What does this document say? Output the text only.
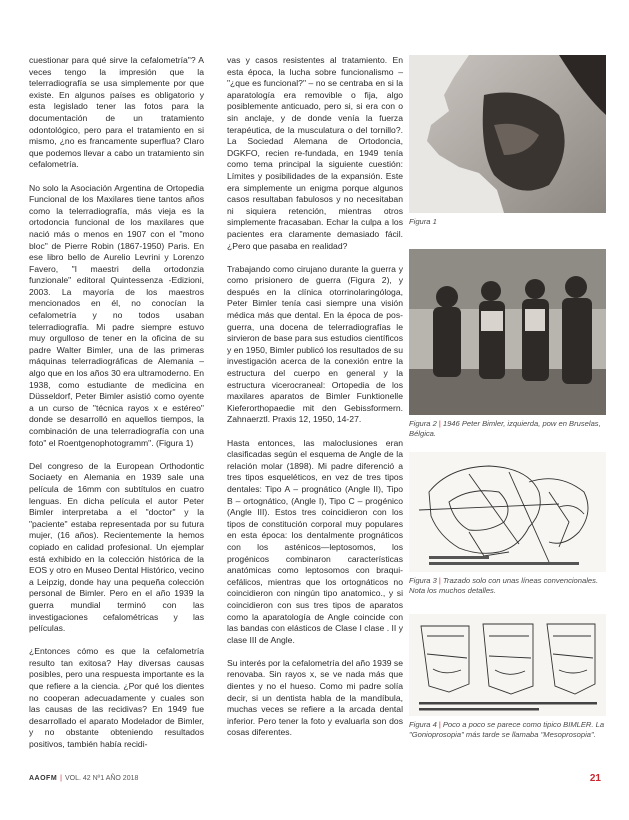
cuestionar para qué sirve la cefalometría"? A veces tengo la impresión que la telerradiografía se usa simplemente por que existe. En algunos países es obligatorio y esta legislado tener las fotos para la documentación de un tratamiento odontológico, pero para el tratamiento en si mismo, ¿no es francamente superflua? Claro que podemos llevar a cabo un tratamiento sin cefalometría.

No solo la Asociación Argentina de Ortopedia Funcional de los Maxilares tiene tantos años como la telerradiografía, más vieja es la ortodoncia funcional de los maxilares que nació más o menos en 1907 con el "mono bloc" de Pierre Robin (1867-1950) Paris. En ese libro bello de Aurelio Levrini y Lorenzo Favero, "I maestri della ortodonzia funzionale" editoral Quintessenza -Edizioni, 2003. La mayoría de los maestros mencionados en él, no conocían la cefalometría y no todos usaban telerradiografía. Mi padre siempre estuvo muy orgulloso de tener en la oficina de su padre Walter Bimler, una de las primeras máquinas telerradiográficas de Alemania – algo que en los años 30 era ultramoderno. En 1938, como estudiante de medicina en Düsseldorf, Peter Bimler asistió como oyente a un curso de "técnica rayos x e estéreo" donde se desarrolló en aquellos tiempos, la combinación de una telerradiografía con una foto" el Roentgenophotogramm". (Figura 1)

Del congreso de la European Orthodontic Sociaety en Alemania en 1939 sale una película de 16mm con subtítulos en cuatro lenguas. En dicha película el autor Peter Bimler interpretaba a el "doctor" y la "paciente" estaba representada por su futura mujer, (16 años). Recientemente la hemos copiado en calidad profesional. Un ejemplar está exhibido en la colección histórica de la EOS y otro en Museo Dental Histórico, vecino a Leipzig, donde hay una pequeña colección personal de Bimler. Pero en el año 1939 la guerra mundial terminó con las investigaciones cefalométricas y las películas.

¿Entonces cómo es que la cefalometría resulto tan exitosa? Hay diversas causas posibles, pero una respuesta importante es la que refiere a la ciencia. ¿Por qué los dientes no cooperan adecuadamente y cuales son las causas de las recidivas? En 1949 fue desarrollado el aparato Modelador de Bimler, y no obstante obteniendo resultados positivos, también había recidi-

vas y casos resistentes al tratamiento. En esta época, la lucha sobre funcionalismo – "¿que es funcional?" – no se centraba en si la aparatología era removible o fija, algo posiblemente anticuado, pero si, si era con o sin anclaje, y de donde venía la fuerza terapéutica, de la musculatura o del tornillo?. La Sociedad Alemana de Ortodoncia, DGKFO, recien re-fundada, en 1949 tenía como tema principal la siguiente cuestión: Límites y posibilidades de la expansión. Este era simplemente un enigma porque algunos casos resultaban fabulosos y no necesitaban ni siquiera retención, mientras otros simplemente fracasaban. Echar la culpa a los pacientes era claramente demasiado fácil. ¿Pero que pasaba en realidad?

Trabajando como cirujano durante la guerra y como prisionero de guerra (Figura 2), y después en la clínica otorrinolaringóloga, Peter Bimler tenía casi siempre una visión médica más que dental. En la época de pos-guerra, una docena de telerradiografías le sirvieron de base para sus estudios científicos y en 1950, Bimler publicó los resultados de su investigación acerca de la conexión entre la estructura del cuerpo en general y la estructura vicerocraneal: Ortopedia de los maxilares aparatos de Bimler Funktionelle Kieferorthopaedie mit den Gebissformern. Zahnaerztl. Praxis 12, 1950, 14-27.

Hasta entonces, las maloclusiones eran clasificadas según el esquema de Angle de la relación molar (1898). Mi padre diferenció a tres tipos esqueléticos, en vez de tres tipos dentales: Tipo A – prognático (Angle II), Tipo B – ortognático, (Angle I), Tipo C – progénico (Angle III). Estos tres coincidieron con los tipos de constitución corporal muy populares en esta época: los dentalmente prognáticos con los asténicos—leptosomos, los progénicos combinaron características anatómicas como leptosomos con braqui-cefálicos, mientras que los ortognáticos no coincidieron con ningún tipo anatomico., y si coincidieron con sus tres tipos de aparatos como la aparatología de Angle coincide con las bandas con elásticos de Clase I clase . II y clase III de Angle.

Su interés por la cefalometría del año 1939 se renovaba. Sin rayos x, se ve nada más que dientes y no el hueso. Como mi padre solía decir, si un dentista habla de la mandíbula, muchas veces se refiere a la arcada dental inferior. Pero tener la foto y evaluarla son dos cosas diferentes.

Figura 1
Figura 2 | 1946 Peter Bimler, izquierda, pow en Bruselas, Bélgica.
Figura 3 | Trazado solo con unas líneas convencionales. Nota los muchos detalles.
Figura 4 | Poco a poco se parece como tipico BIMLER. La "Gonioprosopia" más tarde se llamaba "Mesoprosopia".
AAOFM | VOL. 42 Nº1 AÑO 2018	21
